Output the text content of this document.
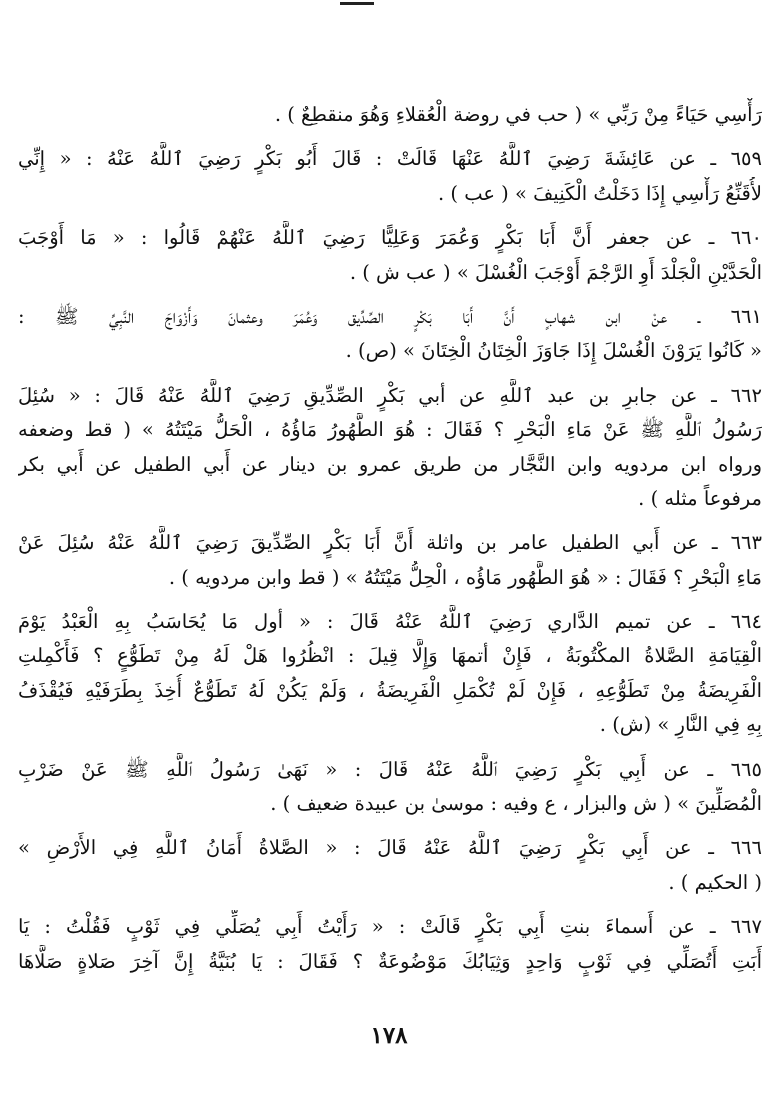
رَأْسِي حَيَاءً مِنْ رَبِّي » ( حب في روضة الْعُقلاءِ وَهُوَ منقطِعٌ ) .
٦٥٩ ـ عن عَائِشَةَ رَضِيَ ٱللَّهُ عَنْهَا قَالَتْ : قَالَ أَبُو بَكْرٍ رَضِيَ ٱللَّهُ عَنْهُ : « إِنِّي
لأُقَنِّعُ رَأْسِي إِذَا دَخَلْتُ الْكَنِيفَ » ( عب ) .
٦٦٠ ـ عن جعفر أَنَّ أَبَا بَكْرٍ وَعُمَرَ وَعَلِيًّا رَضِيَ ٱللَّهُ عَنْهُمْ قَالُوا : « مَا أَوْجَبَ
الْحَدَّيْنِ الْجَلْدَ أَوِ الرَّجْمَ أَوْجَبَ الْغُسْلَ » ( عب ش ) .
٦٦١ ـ عنْ ابن شهابٍ أَنَّ أَبَا بَكْرٍ الصِّدِّيق وَعُمَرَ وعثمانَ وَأَزْوَاجَ النَّبِيِّ ﷺ :
« كَانُوا يَرَوْنَ الْغُسْلَ إِذَا جَاوَزَ الْخِتَانُ الْخِتَانَ » (ص) .
٦٦٢ ـ عن جابرِ بن عبد ٱللَّهِ عن أبي بَكْرٍ الصِّدِّيقِ رَضِيَ ٱللَّهُ عَنْهُ قَالَ : « سُئِلَ
رَسُولُ ٱللَّهِ ﷺ عَنْ مَاءِ الْبَحْرِ ؟ فَقَالَ : هُوَ الطَّهُورُ مَاؤُهُ ، الْحَلُّ مَيْتَتُهُ » ( قط وضعفه
ورواه ابن مردويه وابن النَّجَّار من طريق عمرو بن دينار عن أَبي الطفيل عن أَبي بكر
مرفوعاً مثله ) .
٦٦٣ ـ عن أَبي الطفيل عامر بن واثلة أَنَّ أَبَا بَكْرٍ الصِّدِّيقَ رَضِيَ ٱللَّهُ عَنْهُ سُئِلَ عَنْ
مَاءِ الْبَحْرِ ؟ فَقَالَ : « هُوَ الطَّهُور مَاؤُه ، الْحِلُّ مَيْتَتُهُ » ( قط وابن مردويه ) .
٦٦٤ ـ عن تميم الدَّاري رَضِيَ ٱللَّهُ عَنْهُ قَالَ : « أول مَا يُحَاسَبُ بِهِ الْعَبْدُ يَوْمَ
الْقِيَامَةِ الصَّلاةُ المكْتُوبَةُ ، فَإِنْ أتمهَا وَإِلَّا قِيلَ : انْظُرُوا هَلْ لَهُ مِنْ تَطَوُّعٍ ؟ فَأَكْمِلتِ
الْفَرِيضَةُ مِنْ تَطَوُّعِهِ ، فَإِنْ لَمْ تُكْمَلِ الْفَرِيضَةُ ، وَلَمْ يَكُنْ لَهُ تَطَوُّعٌ أُخِذَ بِطَرَفَيْهِ فَيُقْذَفُ
بِهِ فِي النَّارِ » (ش) .
٦٦٥ ـ عن أَبِي بَكْرٍ رَضِيَ ٱللَّهُ عَنْهُ قَالَ : « نَهَىٰ رَسُولُ ٱللَّهِ ﷺ عَنْ ضَرْبِ
الْمُصَلِّينَ » ( ش والبزار ، ع وفيه : موسىٰ بن عبيدة ضعيف ) .
٦٦٦ ـ عن أَبِي بَكْرٍ رَضِيَ ٱللَّهُ عَنْهُ قَالَ : « الصَّلاةُ أَمَانُ ٱللَّهِ فِي الأَرْضِ »
( الحكيم ) .
٦٦٧ ـ عن أَسماءَ بنتِ أَبِي بَكْرٍ قَالَتْ : « رَأَيْتُ أَبِي يُصَلِّي فِي ثَوْبٍ فَقُلْتُ : يَا
أَبَتِ أَتُصَلِّي فِي ثَوْبٍ وَاحِدٍ وَثِيَابُكَ مَوْضُوعَةٌ ؟ فَقَالَ : يَا بُنَيَّةُ إِنَّ آخِرَ صَلاةٍ صَلَّاهَا
١٧٨
